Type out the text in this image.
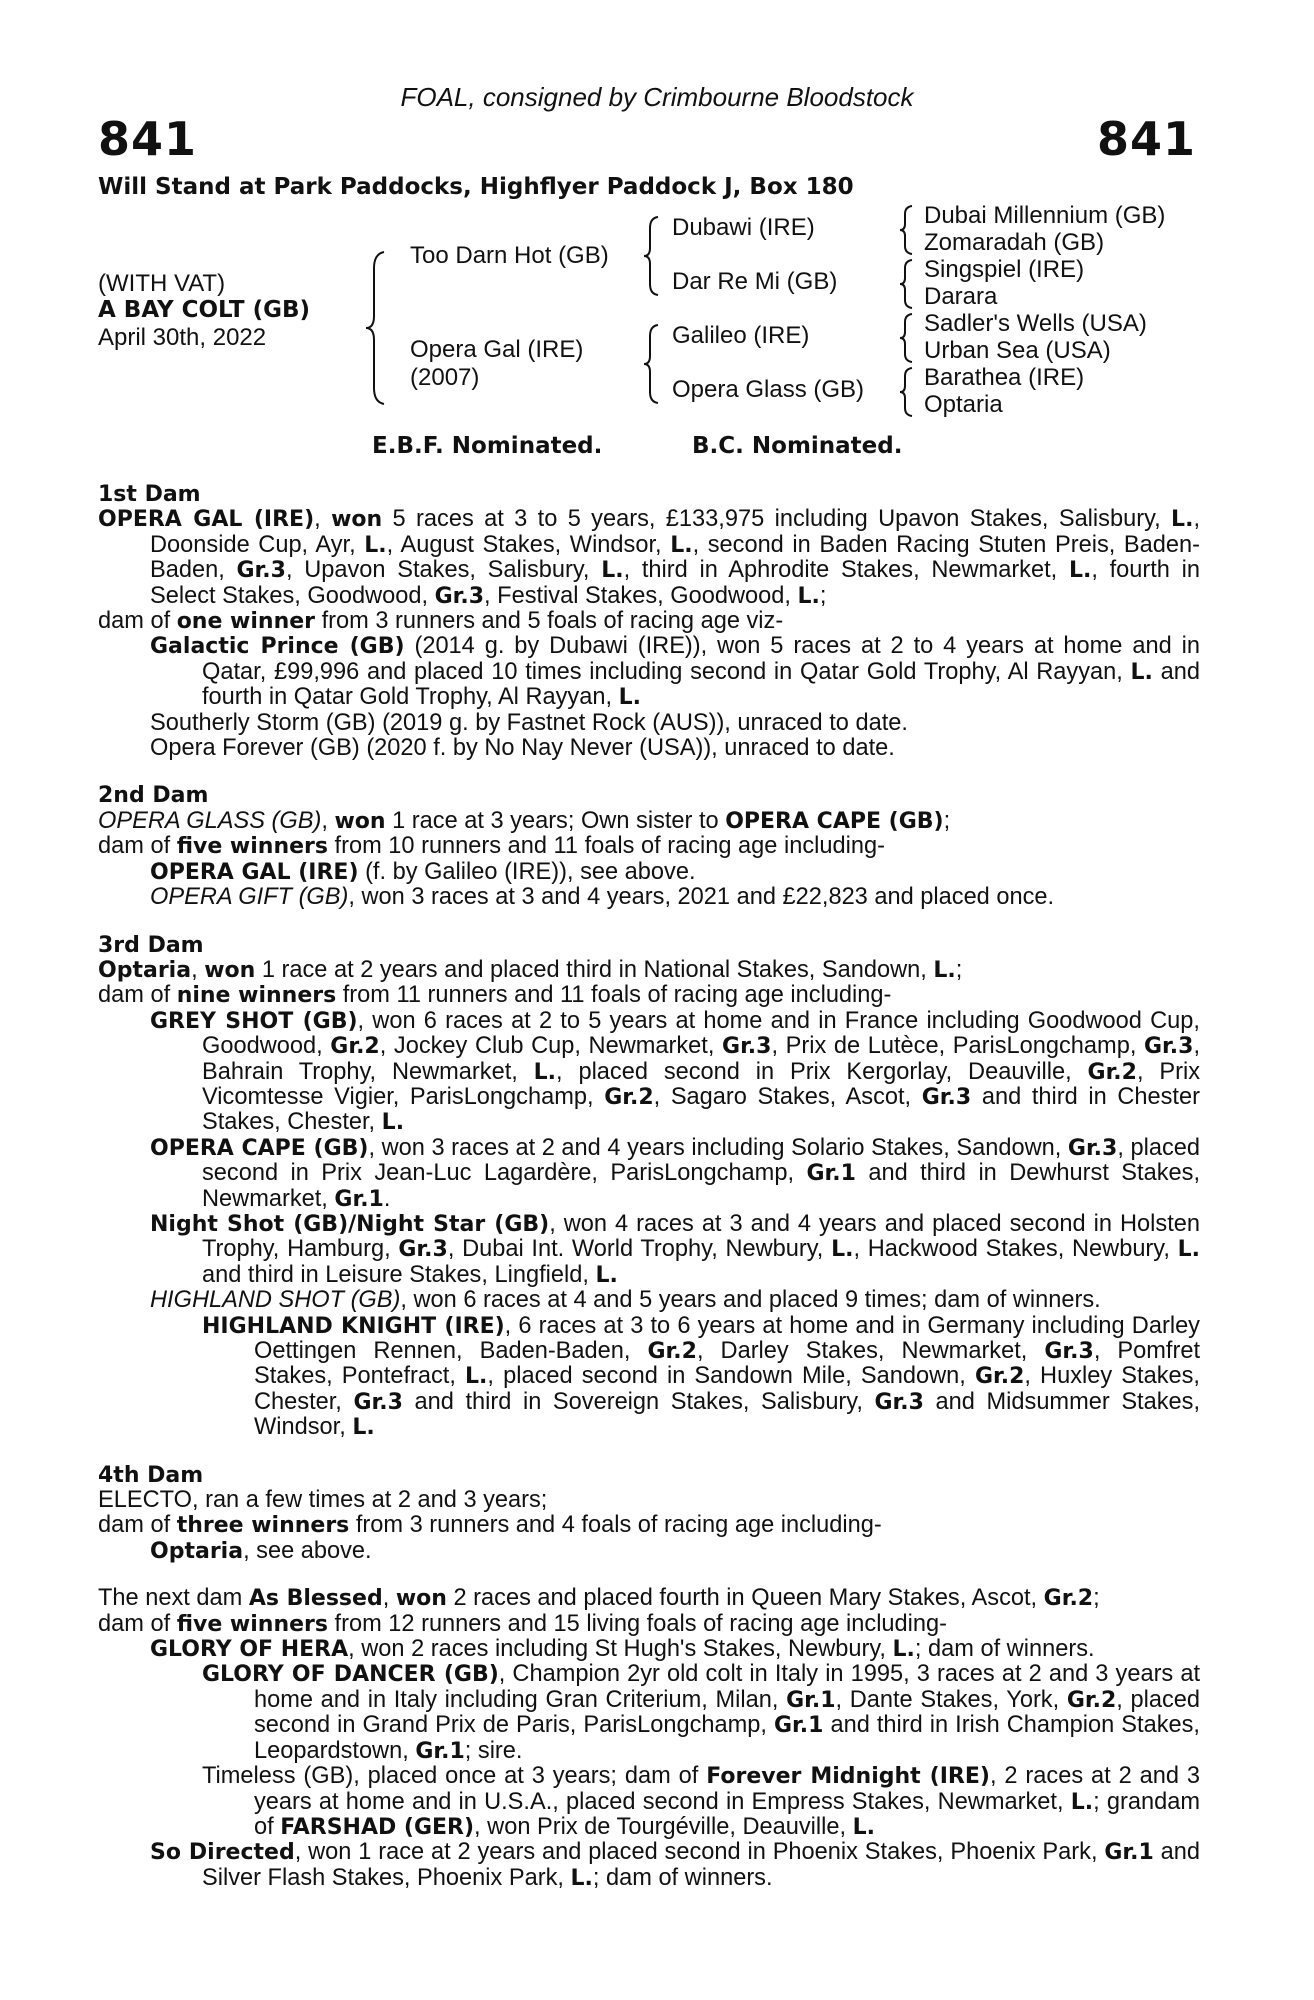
FOAL, consigned by Crimbourne Bloodstock
841	841
Will Stand at Park Paddocks, Highflyer Paddock J, Box 180
(WITH VAT)
A BAY COLT (GB)
April 30th, 2022
Too Darn Hot (GB)
Opera Gal (IRE)
(2007)
Dubawi (IRE)
Dar Re Mi (GB)
Galileo (IRE)
Opera Glass (GB)
Dubai Millennium (GB)
Zomaradah (GB)
Singspiel (IRE)
Darara
Sadler's Wells (USA)
Urban Sea (USA)
Barathea (IRE)
Optaria
E.B.F. Nominated.	B.C. Nominated.
1st Dam
OPERA GAL (IRE), won 5 races at 3 to 5 years, £133,975 including Upavon Stakes, Salisbury, L., Doonside Cup, Ayr, L., August Stakes, Windsor, L., second in Baden Racing Stuten Preis, Baden-Baden, Gr.3, Upavon Stakes, Salisbury, L., third in Aphrodite Stakes, Newmarket, L., fourth in Select Stakes, Goodwood, Gr.3, Festival Stakes, Goodwood, L.;
dam of one winner from 3 runners and 5 foals of racing age viz-
Galactic Prince (GB) (2014 g. by Dubawi (IRE)), won 5 races at 2 to 4 years at home and in Qatar, £99,996 and placed 10 times including second in Qatar Gold Trophy, Al Rayyan, L. and fourth in Qatar Gold Trophy, Al Rayyan, L.
Southerly Storm (GB) (2019 g. by Fastnet Rock (AUS)), unraced to date.
Opera Forever (GB) (2020 f. by No Nay Never (USA)), unraced to date.
2nd Dam
OPERA GLASS (GB), won 1 race at 3 years; Own sister to OPERA CAPE (GB);
dam of five winners from 10 runners and 11 foals of racing age including-
OPERA GAL (IRE) (f. by Galileo (IRE)), see above.
OPERA GIFT (GB), won 3 races at 3 and 4 years, 2021 and £22,823 and placed once.
3rd Dam
Optaria, won 1 race at 2 years and placed third in National Stakes, Sandown, L.;
dam of nine winners from 11 runners and 11 foals of racing age including-
GREY SHOT (GB), won 6 races at 2 to 5 years at home and in France including Goodwood Cup, Goodwood, Gr.2, Jockey Club Cup, Newmarket, Gr.3, Prix de Lutèce, ParisLongchamp, Gr.3, Bahrain Trophy, Newmarket, L., placed second in Prix Kergorlay, Deauville, Gr.2, Prix Vicomtesse Vigier, ParisLongchamp, Gr.2, Sagaro Stakes, Ascot, Gr.3 and third in Chester Stakes, Chester, L.
OPERA CAPE (GB), won 3 races at 2 and 4 years including Solario Stakes, Sandown, Gr.3, placed second in Prix Jean-Luc Lagardère, ParisLongchamp, Gr.1 and third in Dewhurst Stakes, Newmarket, Gr.1.
Night Shot (GB)/Night Star (GB), won 4 races at 3 and 4 years and placed second in Holsten Trophy, Hamburg, Gr.3, Dubai Int. World Trophy, Newbury, L., Hackwood Stakes, Newbury, L. and third in Leisure Stakes, Lingfield, L.
HIGHLAND SHOT (GB), won 6 races at 4 and 5 years and placed 9 times; dam of winners.
HIGHLAND KNIGHT (IRE), 6 races at 3 to 6 years at home and in Germany including Darley Oettingen Rennen, Baden-Baden, Gr.2, Darley Stakes, Newmarket, Gr.3, Pomfret Stakes, Pontefract, L., placed second in Sandown Mile, Sandown, Gr.2, Huxley Stakes, Chester, Gr.3 and third in Sovereign Stakes, Salisbury, Gr.3 and Midsummer Stakes, Windsor, L.
4th Dam
ELECTO, ran a few times at 2 and 3 years;
dam of three winners from 3 runners and 4 foals of racing age including-
Optaria, see above.
The next dam As Blessed, won 2 races and placed fourth in Queen Mary Stakes, Ascot, Gr.2;
dam of five winners from 12 runners and 15 living foals of racing age including-
GLORY OF HERA, won 2 races including St Hugh's Stakes, Newbury, L.; dam of winners.
GLORY OF DANCER (GB), Champion 2yr old colt in Italy in 1995, 3 races at 2 and 3 years at home and in Italy including Gran Criterium, Milan, Gr.1, Dante Stakes, York, Gr.2, placed second in Grand Prix de Paris, ParisLongchamp, Gr.1 and third in Irish Champion Stakes, Leopardstown, Gr.1; sire.
Timeless (GB), placed once at 3 years; dam of Forever Midnight (IRE), 2 races at 2 and 3 years at home and in U.S.A., placed second in Empress Stakes, Newmarket, L.; grandam of FARSHAD (GER), won Prix de Tourgéville, Deauville, L.
So Directed, won 1 race at 2 years and placed second in Phoenix Stakes, Phoenix Park, Gr.1 and Silver Flash Stakes, Phoenix Park, L.; dam of winners.
